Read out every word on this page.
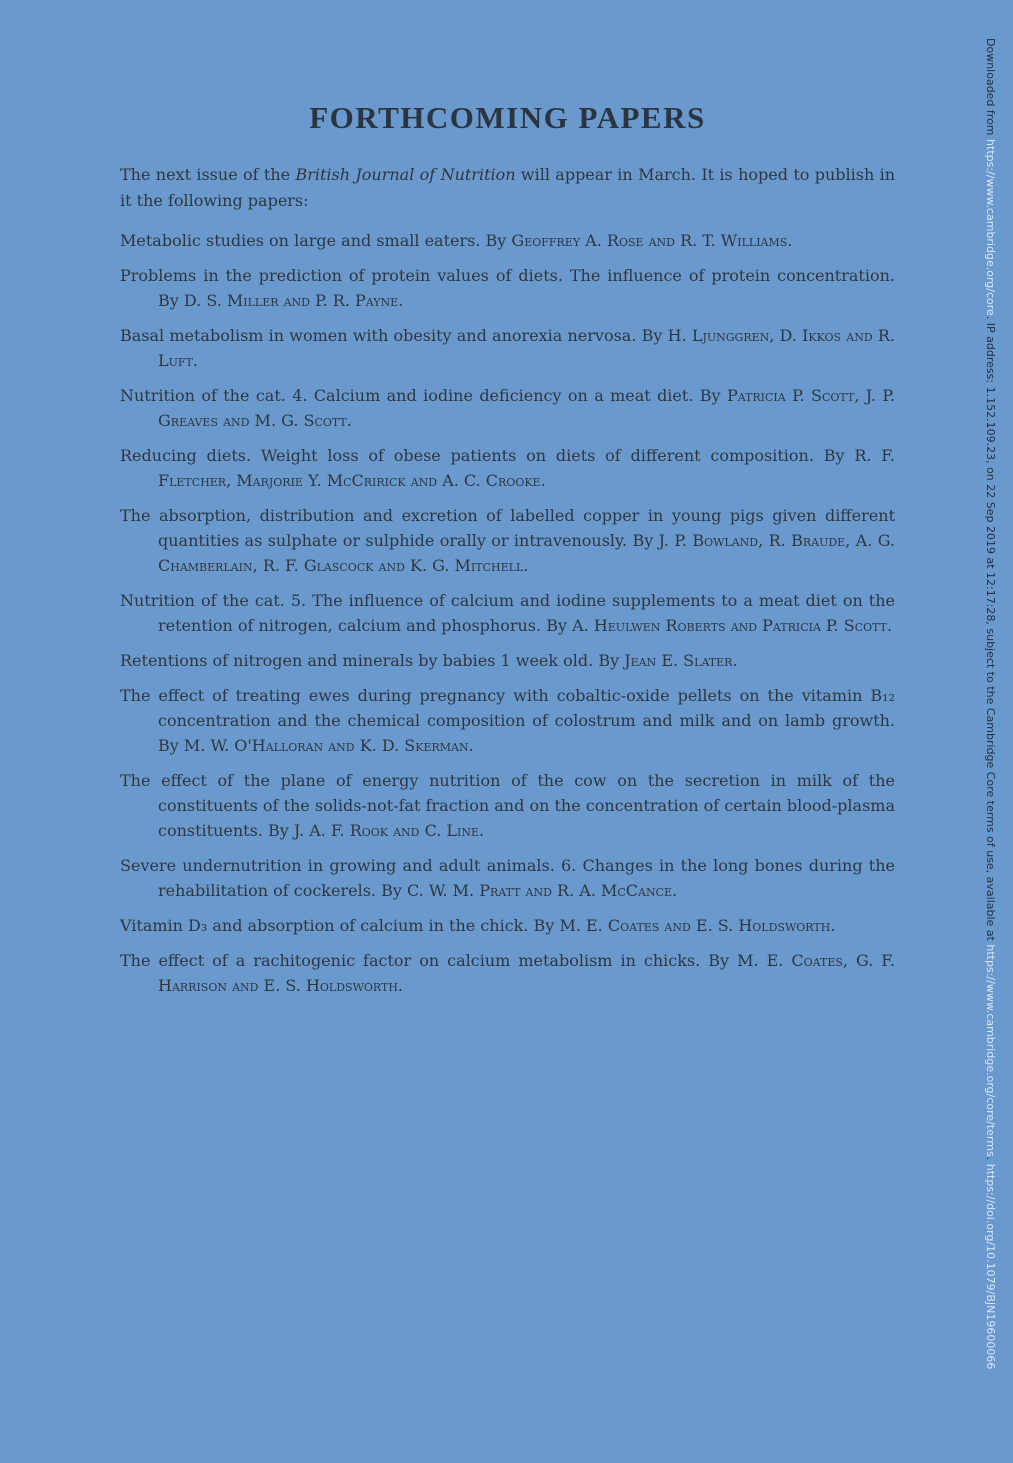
FORTHCOMING PAPERS

The next issue of the British Journal of Nutrition will appear in March. It is hoped to publish in it the following papers:

Metabolic studies on large and small eaters. By Geoffrey A. Rose and R. T. Williams.

Problems in the prediction of protein values of diets. The influence of protein concentration. By D. S. Miller and P. R. Payne.

Basal metabolism in women with obesity and anorexia nervosa. By H. Ljunggren, D. Ikkos and R. Luft.

Nutrition of the cat. 4. Calcium and iodine deficiency on a meat diet. By Patricia P. Scott, J. P. Greaves and M. G. Scott.

Reducing diets. Weight loss of obese patients on diets of different composition. By R. F. Fletcher, Marjorie Y. McCririck and A. C. Crooke.

The absorption, distribution and excretion of labelled copper in young pigs given different quantities as sulphate or sulphide orally or intravenously. By J. P. Bowland, R. Braude, A. G. Chamberlain, R. F. Glascock and K. G. Mitchell.

Nutrition of the cat. 5. The influence of calcium and iodine supplements to a meat diet on the retention of nitrogen, calcium and phosphorus. By A. Heulwen Roberts and Patricia P. Scott.

Retentions of nitrogen and minerals by babies 1 week old. By Jean E. Slater.

The effect of treating ewes during pregnancy with cobaltic-oxide pellets on the vitamin B₁₂ concentration and the chemical composition of colostrum and milk and on lamb growth. By M. W. O'Halloran and K. D. Skerman.

The effect of the plane of energy nutrition of the cow on the secretion in milk of the constituents of the solids-not-fat fraction and on the concentration of certain blood-plasma constituents. By J. A. F. Rook and C. Line.

Severe undernutrition in growing and adult animals. 6. Changes in the long bones during the rehabilitation of cockerels. By C. W. M. Pratt and R. A. McCance.

Vitamin D₃ and absorption of calcium in the chick. By M. E. Coates and E. S. Holdsworth.

The effect of a rachitogenic factor on calcium metabolism in chicks. By M. E. Coates, G. F. Harrison and E. S. Holdsworth.

Downloaded from https://www.cambridge.org/core. IP address: 1.152.109.23, on 22 Sep 2019 at 12:17:28, subject to the Cambridge Core terms of use, available at https://www.cambridge.org/core/terms. https://doi.org/10.1079/BJN19600066
